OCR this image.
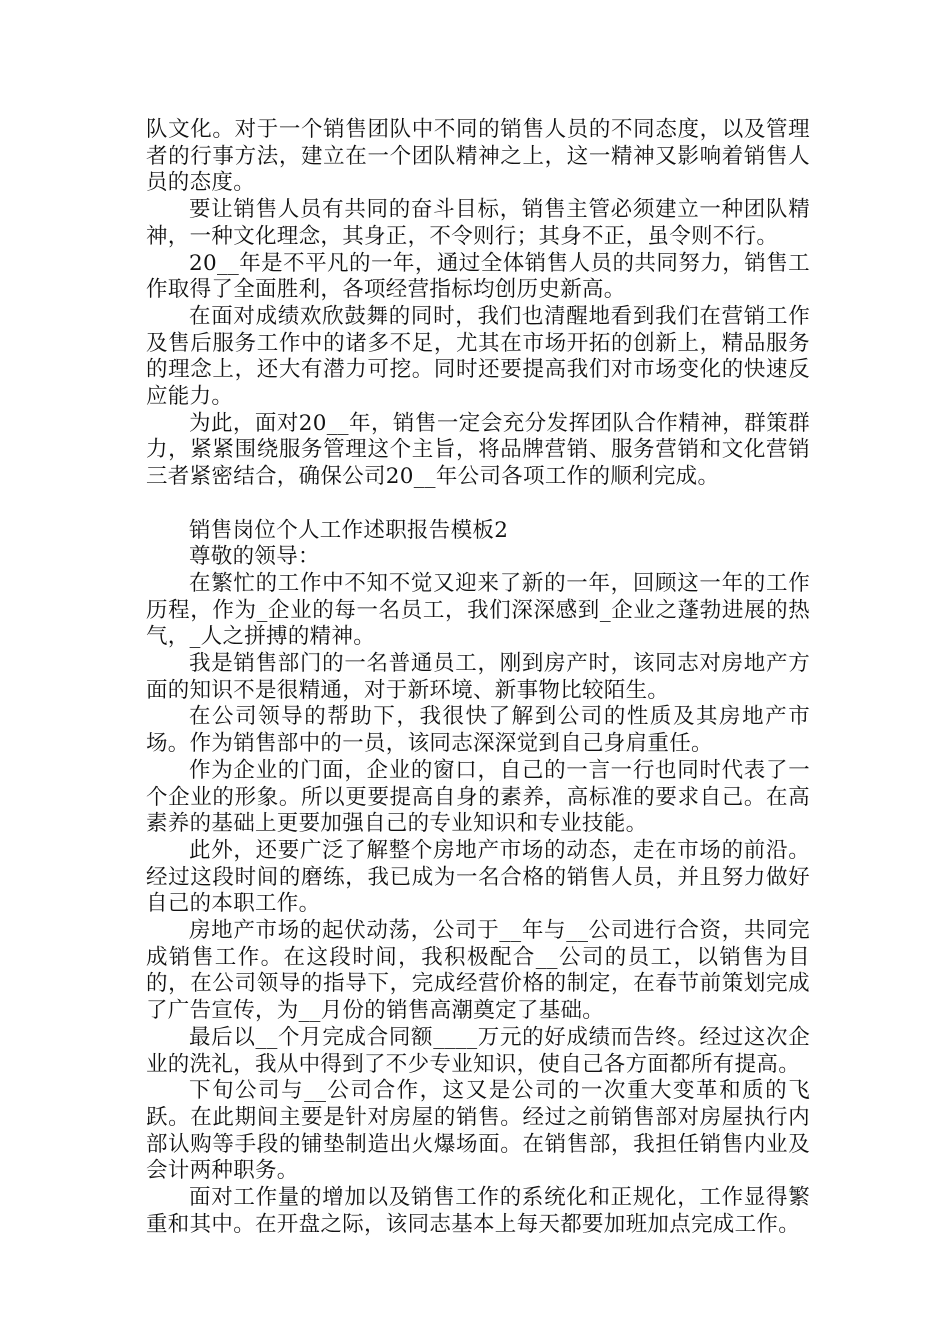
队文化。对于一个销售团队中不同的销售人员的不同态度，以及管理者的行事方法，建立在一个团队精神之上，这一精神又影响着销售人员的态度。

要让销售人员有共同的奋斗目标，销售主管必须建立一种团队精神，一种文化理念，其身正，不令则行；其身不正，虽令则不行。

20__年是不平凡的一年，通过全体销售人员的共同努力，销售工作取得了全面胜利，各项经营指标均创历史新高。

在面对成绩欢欣鼓舞的同时，我们也清醒地看到我们在营销工作及售后服务工作中的诸多不足，尤其在市场开拓的创新上，精品服务的理念上，还大有潜力可挖。同时还要提高我们对市场变化的快速反应能力。

为此，面对20__年，销售一定会充分发挥团队合作精神，群策群力，紧紧围绕服务管理这个主旨，将品牌营销、服务营销和文化营销三者紧密结合，确保公司20__年公司各项工作的顺利完成。

销售岗位个人工作述职报告模板2

尊敬的领导：

在繁忙的工作中不知不觉又迎来了新的一年，回顾这一年的工作历程，作为_企业的每一名员工，我们深深感到_企业之蓬勃进展的热气，_人之拼搏的精神。

我是销售部门的一名普通员工，刚到房产时，该同志对房地产方面的知识不是很精通，对于新环境、新事物比较陌生。

在公司领导的帮助下，我很快了解到公司的性质及其房地产市场。作为销售部中的一员，该同志深深觉到自己身肩重任。

作为企业的门面，企业的窗口，自己的一言一行也同时代表了一个企业的形象。所以更要提高自身的素养，高标准的要求自己。在高素养的基础上更要加强自己的专业知识和专业技能。

此外，还要广泛了解整个房地产市场的动态，走在市场的前沿。经过这段时间的磨练，我已成为一名合格的销售人员，并且努力做好自己的本职工作。

房地产市场的起伏动荡，公司于__年与__公司进行合资，共同完成销售工作。在这段时间，我积极配合__公司的员工，以销售为目的，在公司领导的指导下，完成经营价格的制定，在春节前策划完成了广告宣传，为__月份的销售高潮奠定了基础。

最后以__个月完成合同额____万元的好成绩而告终。经过这次企业的洗礼，我从中得到了不少专业知识，使自己各方面都所有提高。

下旬公司与__公司合作，这又是公司的一次重大变革和质的飞跃。在此期间主要是针对房屋的销售。经过之前销售部对房屋执行内部认购等手段的铺垫制造出火爆场面。在销售部，我担任销售内业及会计两种职务。

面对工作量的增加以及销售工作的系统化和正规化，工作显得繁重和其中。在开盘之际，该同志基本上每天都要加班加点完成工作。
